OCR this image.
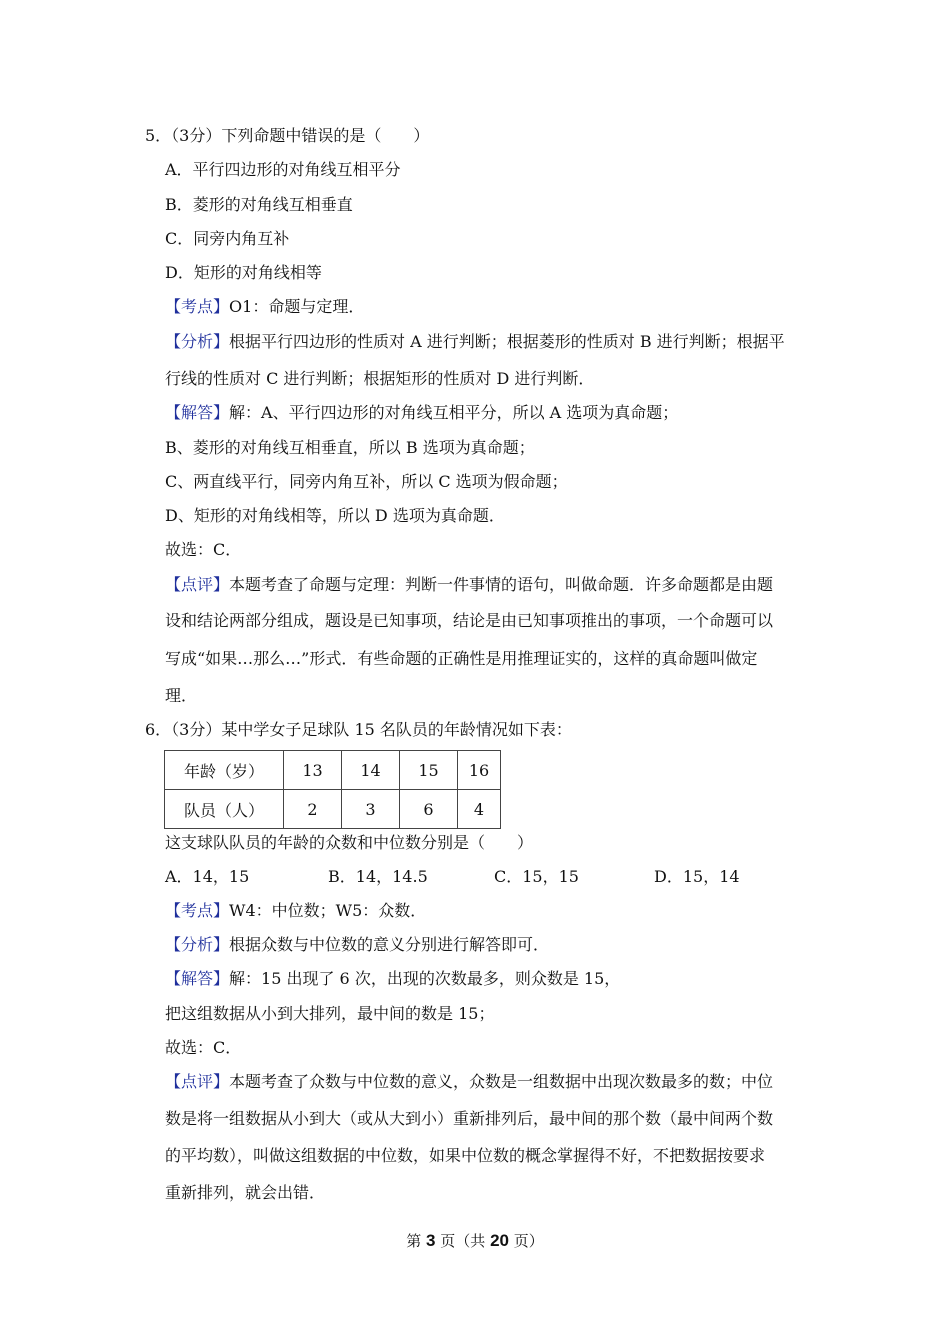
5．（3分）下列命题中错误的是（　　）
A．平行四边形的对角线互相平分
B．菱形的对角线互相垂直
C．同旁内角互补
D．矩形的对角线相等
【考点】O1：命题与定理．
【分析】根据平行四边形的性质对 A 进行判断；根据菱形的性质对 B 进行判断；根据平
行线的性质对 C 进行判断；根据矩形的性质对 D 进行判断．
【解答】解：A、平行四边形的对角线互相平分，所以 A 选项为真命题；
B、菱形的对角线互相垂直，所以 B 选项为真命题；
C、两直线平行，同旁内角互补，所以 C 选项为假命题；
D、矩形的对角线相等，所以 D 选项为真命题．
故选：C．
【点评】本题考查了命题与定理：判断一件事情的语句，叫做命题．许多命题都是由题
设和结论两部分组成，题设是已知事项，结论是由已知事项推出的事项，一个命题可以
写成“如果…那么…”形式．有些命题的正确性是用推理证实的，这样的真命题叫做定
理．
6．（3分）某中学女子足球队 15 名队员的年龄情况如下表：
年龄（岁）	13	14	15	16
队员（人）	2	3	6	4
这支球队队员的年龄的众数和中位数分别是（　　）
A．14，15	B．14，14.5	C．15，15	D．15，14
【考点】W4：中位数；W5：众数．
【分析】根据众数与中位数的意义分别进行解答即可．
【解答】解：15 出现了 6 次，出现的次数最多，则众数是 15，
把这组数据从小到大排列，最中间的数是 15；
故选：C．
【点评】本题考查了众数与中位数的意义，众数是一组数据中出现次数最多的数；中位
数是将一组数据从小到大（或从大到小）重新排列后，最中间的那个数（最中间两个数
的平均数），叫做这组数据的中位数，如果中位数的概念掌握得不好，不把数据按要求
重新排列，就会出错．
第 3 页（共 20 页）
